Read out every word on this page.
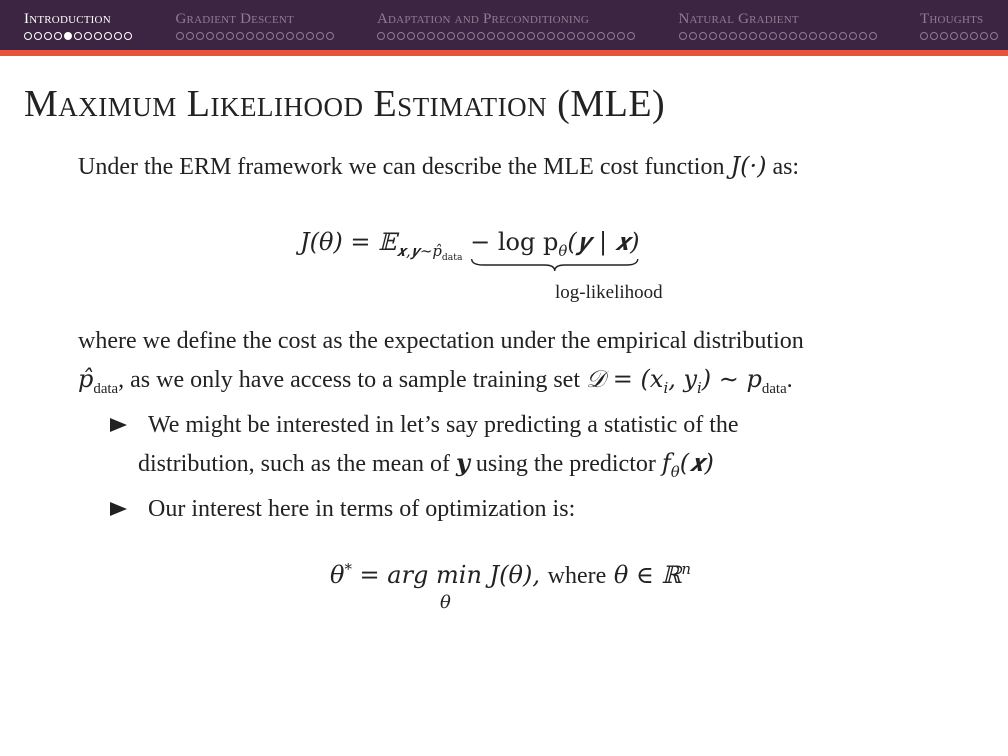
Introduction	Gradient Descent	Adaptation and Preconditioning	Natural Gradient	Thoughts
Maximum Likelihood Estimation (MLE)
Under the ERM framework we can describe the MLE cost function J(·) as:
J(θ) = 𝔼$_{𝒙,𝒚\sim p̂_{data}}$ − $\log p_\theta(𝒚$ | 𝒙)
log-likelihood
where we define the cost as the expectation under the empirical distribution
$p̂_{data}$, as we only have access to a sample training set 𝒟 = ($x_i$, $y_i$) ∼ $p_{data}$.
We might be interested in let’s say predicting a statistic of the
distribution, such as the mean of 𝒚 using the predictor $f_\theta(𝒙)$
Our interest here in terms of optimization is:
θ* = arg min J(θ), where θ ∈ ℝ$^n$
θ
